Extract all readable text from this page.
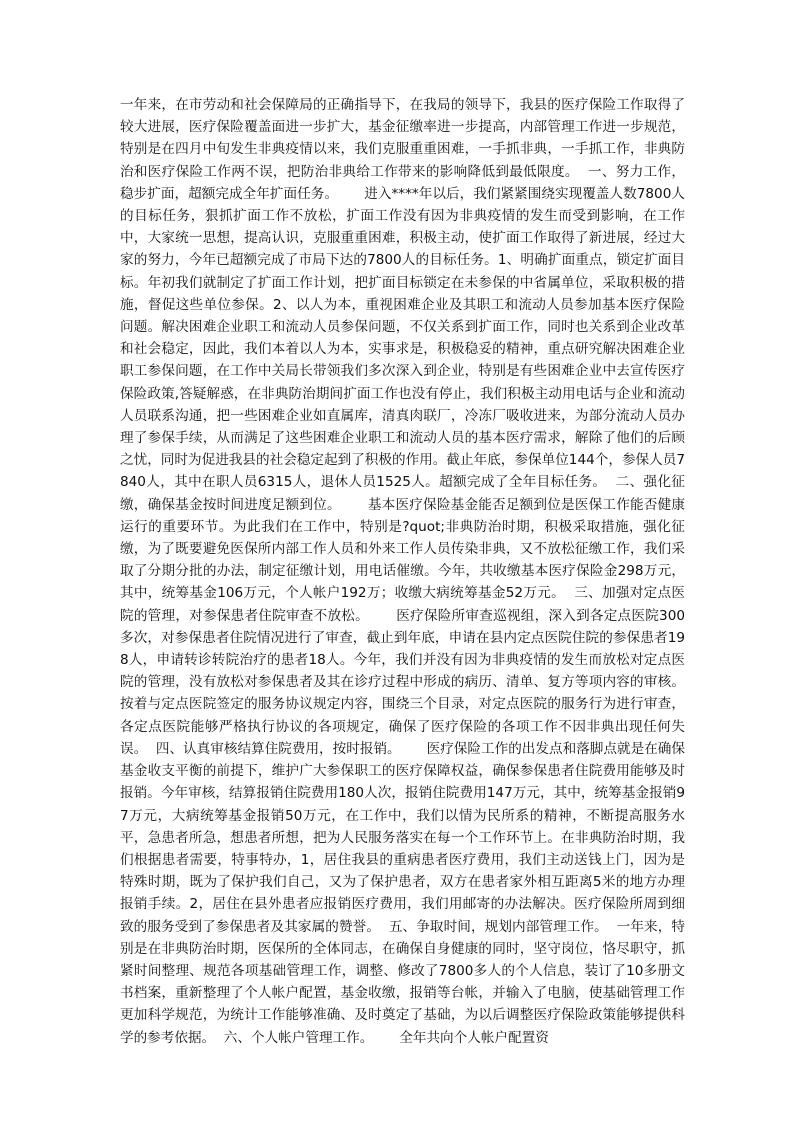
一年来，在市劳动和社会保障局的正确指导下，在我局的领导下，我县的医疗保险工作取得了较大进展，医疗保险覆盖面进一步扩大，基金征缴率进一步提高，内部管理工作进一步规范，特别是在四月中旬发生非典疫情以来，我们克服重重困难，一手抓非典，一手抓工作，非典防治和医疗保险工作两不误，把防治非典给工作带来的影响降低到最低限度。  一、努力工作，稳步扩面，超额完成全年扩面任务。      进入****年以后，我们紧紧围绕实现覆盖人数7800人的目标任务，狠抓扩面工作不放松，扩面工作没有因为非典疫情的发生而受到影响，在工作中，大家统一思想，提高认识，克服重重困难，积极主动，使扩面工作取得了新进展，经过大家的努力，今年已超额完成了市局下达的7800人的目标任务。1、明确扩面重点，锁定扩面目标。年初我们就制定了扩面工作计划，把扩面目标锁定在未参保的中省属单位，采取积极的措施，督促这些单位参保。2、以人为本，重视困难企业及其职工和流动人员参加基本医疗保险问题。解决困难企业职工和流动人员参保问题，不仅关系到扩面工作，同时也关系到企业改革和社会稳定，因此，我们本着以人为本，实事求是，积极稳妥的精神，重点研究解决困难企业职工参保问题，在工作中关局长带领我们多次深入到企业，特别是有些困难企业中去宣传医疗保险政策,答疑解惑，在非典防治期间扩面工作也没有停止，我们积极主动用电话与企业和流动人员联系沟通，把一些困难企业如直属库，清真肉联厂，冷冻厂吸收进来，为部分流动人员办理了参保手续，从而满足了这些困难企业职工和流动人员的基本医疗需求，解除了他们的后顾之忧，同时为促进我县的社会稳定起到了积极的作用。截止年底，参保单位144个，参保人员7840人，其中在职人员6315人，退休人员1525人。超额完成了全年目标任务。  二、强化征缴，确保基金按时间进度足额到位。      基本医疗保险基金能否足额到位是医保工作能否健康运行的重要环节。为此我们在工作中，特别是?quot;非典防治时期，积极采取措施，强化征缴，为了既要避免医保所内部工作人员和外来工作人员传染非典，又不放松征缴工作，我们采取了分期分批的办法，制定征缴计划，用电话催缴。今年，共收缴基本医疗保险金298万元，其中，统筹基金106万元，个人帐户192万；收缴大病统筹基金52万元。  三、加强对定点医院的管理，对参保患者住院审查不放松。      医疗保险所审查巡视组，深入到各定点医院300多次，对参保患者住院情况进行了审查，截止到年底，申请在县内定点医院住院的参保患者198人，申请转诊转院治疗的患者18人。今年，我们并没有因为非典疫情的发生而放松对定点医院的管理，没有放松对参保患者及其在诊疗过程中形成的病历、清单、复方等项内容的审核。按着与定点医院签定的服务协议规定内容，围绕三个目录，对定点医院的服务行为进行审查，各定点医院能够严格执行协议的各项规定，确保了医疗保险的各项工作不因非典出现任何失误。  四、认真审核结算住院费用，按时报销。      医疗保险工作的出发点和落脚点就是在确保基金收支平衡的前提下，维护广大参保职工的医疗保障权益，确保参保患者住院费用能够及时报销。今年审核，结算报销住院费用180人次，报销住院费用147万元，其中，统筹基金报销97万元，大病统筹基金报销50万元，在工作中，我们以情为民所系的精神，不断提高服务水平，急患者所急，想患者所想，把为人民服务落实在每一个工作环节上。在非典防治时期，我们根据患者需要，特事特办，1，居住我县的重病患者医疗费用，我们主动送钱上门，因为是特殊时期，既为了保护我们自己，又为了保护患者，双方在患者家外相互距离5米的地方办理报销手续。2，居住在县外患者应报销医疗费用，我们用邮寄的办法解决。医疗保险所周到细致的服务受到了参保患者及其家属的赞誉。  五、争取时间，规划内部管理工作。  一年来，特别是在非典防治时期，医保所的全体同志，在确保自身健康的同时，坚守岗位，恪尽职守，抓紧时间整理、规范各项基础管理工作，调整、修改了7800多人的个人信息，装订了10多册文书档案，重新整理了个人帐户配置，基金收缴，报销等台帐，并输入了电脑，使基础管理工作更加科学规范，为统计工作能够准确、及时奠定了基础，为以后调整医疗保险政策能够提供科学的参考依据。  六、个人帐户管理工作。      全年共向个人帐户配置资
